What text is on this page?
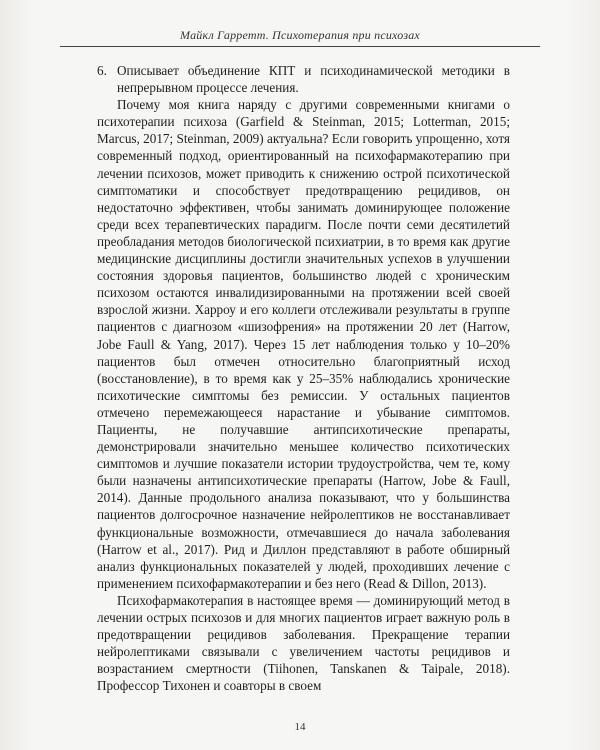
Майкл Гарретт. Психотерапия при психозах
6. Описывает объединение КПТ и психодинамической методики в непрерывном процессе лечения.

Почему моя книга наряду с другими современными книгами о психотерапии психоза (Garfield & Steinman, 2015; Lotterman, 2015; Marcus, 2017; Steinman, 2009) актуальна? Если говорить упрощенно, хотя современный подход, ориентированный на психофармакотерапию при лечении психозов, может приводить к снижению острой психотической симптоматики и способствует предотвращению рецидивов, он недостаточно эффективен, чтобы занимать доминирующее положение среди всех терапевтических парадигм. После почти семи десятилетий преобладания методов биологической психиатрии, в то время как другие медицинские дисциплины достигли значительных успехов в улучшении состояния здоровья пациентов, большинство людей с хроническим психозом остаются инвалидизированными на протяжении всей своей взрослой жизни. Харроу и его коллеги отслеживали результаты в группе пациентов с диагнозом «шизофрения» на протяжении 20 лет (Harrow, Jobe Faull & Yang, 2017). Через 15 лет наблюдения только у 10–20% пациентов был отмечен относительно благоприятный исход (восстановление), в то время как у 25–35% наблюдались хронические психотические симптомы без ремиссии. У остальных пациентов отмечено перемежающееся нарастание и убывание симптомов. Пациенты, не получавшие антипсихотические препараты, демонстрировали значительно меньшее количество психотических симптомов и лучшие показатели истории трудоустройства, чем те, кому были назначены антипсихотические препараты (Harrow, Jobe & Faull, 2014). Данные продольного анализа показывают, что у большинства пациентов долгосрочное назначение нейролептиков не восстанавливает функциональные возможности, отмечавшиеся до начала заболевания (Harrow et al., 2017). Рид и Диллон представляют в работе обширный анализ функциональных показателей у людей, проходивших лечение с применением психофармакотерапии и без него (Read & Dillon, 2013).

Психофармакотерапия в настоящее время — доминирующий метод в лечении острых психозов и для многих пациентов играет важную роль в предотвращении рецидивов заболевания. Прекращение терапии нейролептиками связывали с увеличением частоты рецидивов и возрастанием смертности (Tiihonen, Tanskanen & Taipale, 2018). Профессор Тихонен и соавторы в своем

14
